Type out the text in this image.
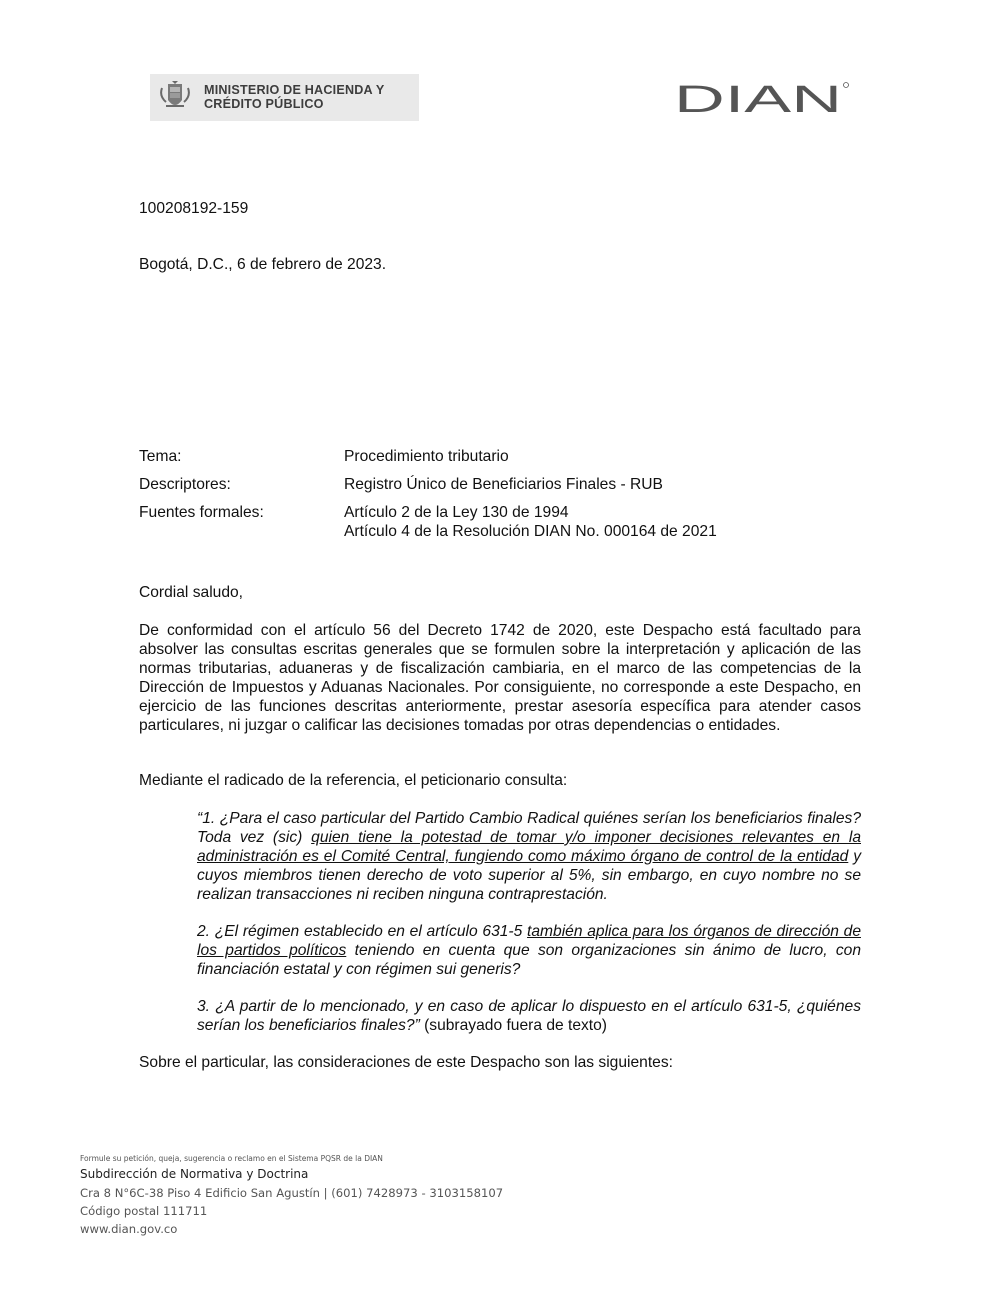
MINISTERIO DE HACIENDA Y
CRÉDITO PÚBLICO	DIAN
100208192-159
Bogotá, D.C., 6 de febrero de 2023.
Tema:	Procedimiento tributario
Descriptores:	Registro Único de Beneficiarios Finales - RUB
Fuentes formales:	Artículo 2 de la Ley 130 de 1994
Artículo 4 de la Resolución DIAN No. 000164 de 2021
Cordial saludo,
De conformidad con el artículo 56 del Decreto 1742 de 2020, este Despacho está facultado para absolver las consultas escritas generales que se formulen sobre la interpretación y aplicación de las normas tributarias, aduaneras y de fiscalización cambiaria, en el marco de las competencias de la Dirección de Impuestos y Aduanas Nacionales. Por consiguiente, no corresponde a este Despacho, en ejercicio de las funciones descritas anteriormente, prestar asesoría específica para atender casos particulares, ni juzgar o calificar las decisiones tomadas por otras dependencias o entidades.
Mediante el radicado de la referencia, el peticionario consulta:
“1. ¿Para el caso particular del Partido Cambio Radical quiénes serían los beneficiarios finales? Toda vez (sic) quien tiene la potestad de tomar y/o imponer decisiones relevantes en la administración es el Comité Central, fungiendo como máximo órgano de control de la entidad y cuyos miembros tienen derecho de voto superior al 5%, sin embargo, en cuyo nombre no se realizan transacciones ni reciben ninguna contraprestación.
2. ¿El régimen establecido en el artículo 631-5 también aplica para los órganos de dirección de los partidos políticos teniendo en cuenta que son organizaciones sin ánimo de lucro, con financiación estatal y con régimen sui generis?
3. ¿A partir de lo mencionado, y en caso de aplicar lo dispuesto en el artículo 631-5, ¿quiénes serían los beneficiarios finales?” (subrayado fuera de texto)
Sobre el particular, las consideraciones de este Despacho son las siguientes:
Formule su petición, queja, sugerencia o reclamo en el Sistema PQSR de la DIAN
Subdirección de Normativa y Doctrina
Cra 8 N°6C-38 Piso 4 Edificio San Agustín | (601) 7428973 - 3103158107
Código postal 111711
www.dian.gov.co
